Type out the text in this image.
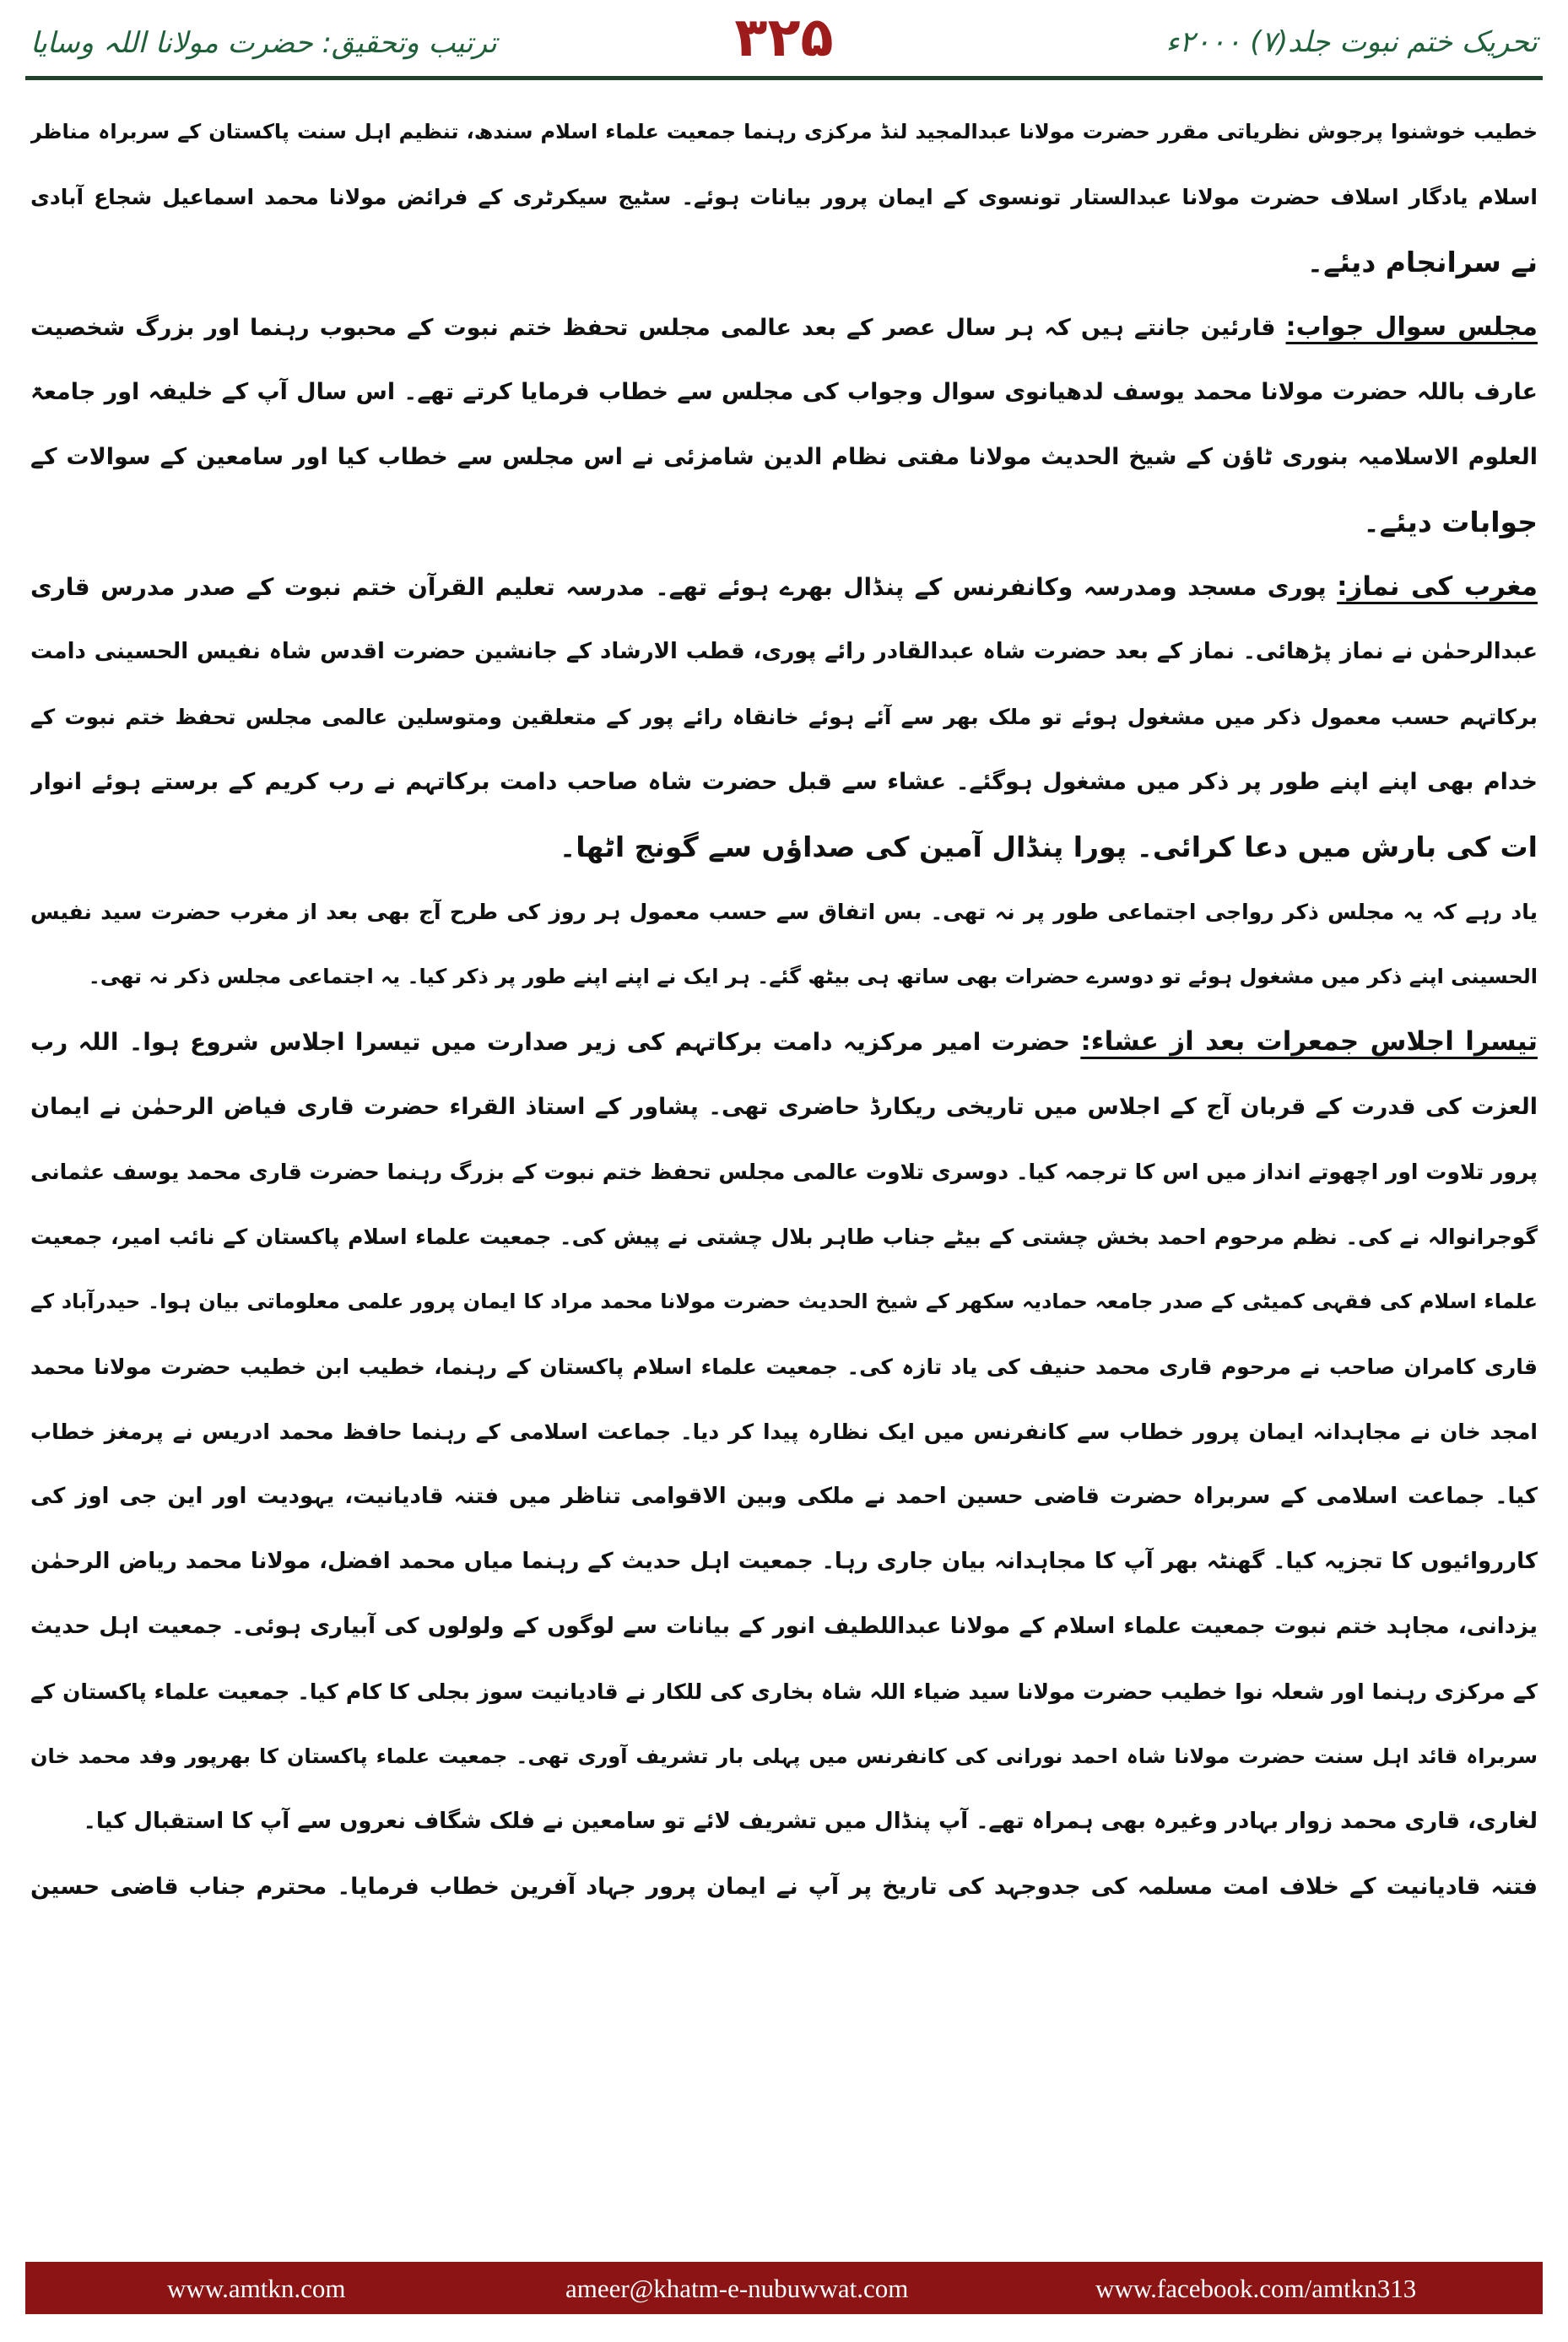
تحریک ختم نبوت جلد(۷) ۲۰۰۰ء
۳۲۵
ترتیب وتحقیق: حضرت مولانا اللہ وسایا
خطیب خوشنوا پرجوش نظریاتی مقرر حضرت مولانا عبدالمجید لنڈ مرکزی رہنما جمعیت علماء اسلام سندھ، تنظیم اہل سنت پاکستان کے سربراہ مناظر
اسلام یادگار اسلاف حضرت مولانا عبدالستار تونسوی کے ایمان پرور بیانات ہوئے۔ سٹیج سیکرٹری کے فرائض مولانا محمد اسماعیل شجاع آبادی
نے سرانجام دیئے۔
مجلس سوال جواب: قارئین جانتے ہیں کہ ہر سال عصر کے بعد عالمی مجلس تحفظ ختم نبوت کے محبوب رہنما اور بزرگ شخصیت
عارف باللہ حضرت مولانا محمد یوسف لدھیانوی سوال وجواب کی مجلس سے خطاب فرمایا کرتے تھے۔ اس سال آپ کے خلیفہ اور جامعۃ
العلوم الاسلامیہ بنوری ٹاؤن کے شیخ الحدیث مولانا مفتی نظام الدین شامزئی نے اس مجلس سے خطاب کیا اور سامعین کے سوالات کے
جوابات دیئے۔
مغرب کی نماز: پوری مسجد ومدرسہ وکانفرنس کے پنڈال بھرے ہوئے تھے۔ مدرسہ تعلیم القرآن ختم نبوت کے صدر مدرس قاری
عبدالرحمٰن نے نماز پڑھائی۔ نماز کے بعد حضرت شاہ عبدالقادر رائے پوری، قطب الارشاد کے جانشین حضرت اقدس شاہ نفیس الحسینی دامت
برکاتہم حسب معمول ذکر میں مشغول ہوئے تو ملک بھر سے آئے ہوئے خانقاہ رائے پور کے متعلقین ومتوسلین عالمی مجلس تحفظ ختم نبوت کے
خدام بھی اپنے اپنے طور پر ذکر میں مشغول ہوگئے۔ عشاء سے قبل حضرت شاہ صاحب دامت برکاتہم نے رب کریم کے برستے ہوئے انوار
ات کی بارش میں دعا کرائی۔ پورا پنڈال آمین کی صداؤں سے گونج اٹھا۔
یاد رہے کہ یہ مجلس ذکر رواجی اجتماعی طور پر نہ تھی۔ بس اتفاق سے حسب معمول ہر روز کی طرح آج بھی بعد از مغرب حضرت سید نفیس
الحسینی اپنے ذکر میں مشغول ہوئے تو دوسرے حضرات بھی ساتھ ہی بیٹھ گئے۔ ہر ایک نے اپنے اپنے طور پر ذکر کیا۔ یہ اجتماعی مجلس ذکر نہ تھی۔
تیسرا اجلاس جمعرات بعد از عشاء: حضرت امیر مرکزیہ دامت برکاتہم کی زیر صدارت میں تیسرا اجلاس شروع ہوا۔ اللہ رب
العزت کی قدرت کے قربان آج کے اجلاس میں تاریخی ریکارڈ حاضری تھی۔ پشاور کے استاذ القراء حضرت قاری فیاض الرحمٰن نے ایمان
پرور تلاوت اور اچھوتے انداز میں اس کا ترجمہ کیا۔ دوسری تلاوت عالمی مجلس تحفظ ختم نبوت کے بزرگ رہنما حضرت قاری محمد یوسف عثمانی
گوجرانوالہ نے کی۔ نظم مرحوم احمد بخش چشتی کے بیٹے جناب طاہر بلال چشتی نے پیش کی۔ جمعیت علماء اسلام پاکستان کے نائب امیر، جمعیت
علماء اسلام کی فقہی کمیٹی کے صدر جامعہ حمادیہ سکھر کے شیخ الحدیث حضرت مولانا محمد مراد کا ایمان پرور علمی معلوماتی بیان ہوا۔ حیدرآباد کے
قاری کامران صاحب نے مرحوم قاری محمد حنیف کی یاد تازہ کی۔ جمعیت علماء اسلام پاکستان کے رہنما، خطیب ابن خطیب حضرت مولانا محمد
امجد خان نے مجاہدانہ ایمان پرور خطاب سے کانفرنس میں ایک نظارہ پیدا کر دیا۔ جماعت اسلامی کے رہنما حافظ محمد ادریس نے پرمغز خطاب
کیا۔ جماعت اسلامی کے سربراہ حضرت قاضی حسین احمد نے ملکی وبین الاقوامی تناظر میں فتنہ قادیانیت، یہودیت اور این جی اوز کی
کارروائیوں کا تجزیہ کیا۔ گھنٹہ بھر آپ کا مجاہدانہ بیان جاری رہا۔ جمعیت اہل حدیث کے رہنما میاں محمد افضل، مولانا محمد ریاض الرحمٰن
یزدانی، مجاہد ختم نبوت جمعیت علماء اسلام کے مولانا عبداللطیف انور کے بیانات سے لوگوں کے ولولوں کی آبیاری ہوئی۔ جمعیت اہل حدیث
کے مرکزی رہنما اور شعلہ نوا خطیب حضرت مولانا سید ضیاء اللہ شاہ بخاری کی للکار نے قادیانیت سوز بجلی کا کام کیا۔ جمعیت علماء پاکستان کے
سربراہ قائد اہل سنت حضرت مولانا شاہ احمد نورانی کی کانفرنس میں پہلی بار تشریف آوری تھی۔ جمعیت علماء پاکستان کا بھرپور وفد محمد خان
لغاری، قاری محمد زوار بہادر وغیرہ بھی ہمراہ تھے۔ آپ پنڈال میں تشریف لائے تو سامعین نے فلک شگاف نعروں سے آپ کا استقبال کیا۔
فتنہ قادیانیت کے خلاف امت مسلمہ کی جدوجہد کی تاریخ پر آپ نے ایمان پرور جہاد آفرین خطاب فرمایا۔ محترم جناب قاضی حسین
www.amtkn.com	ameer@khatm-e-nubuwwat.com	www.facebook.com/amtkn313
